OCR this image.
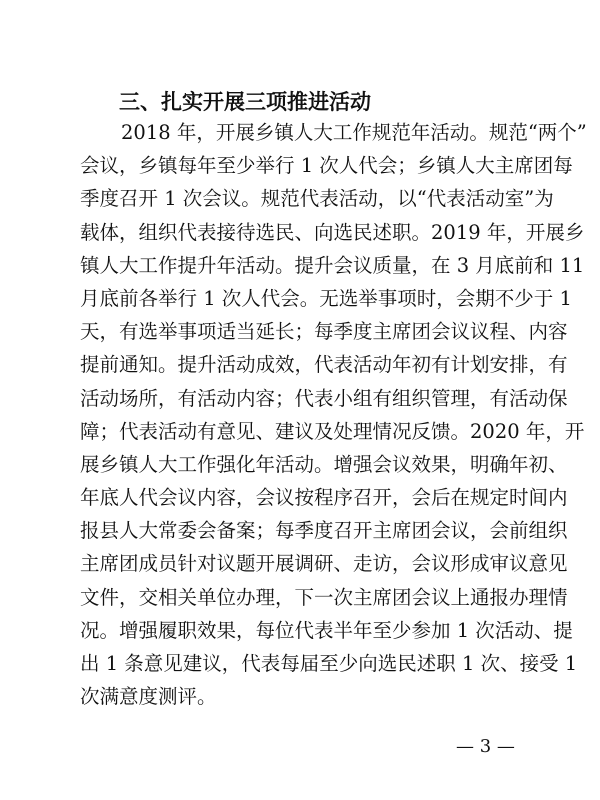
三、扎实开展三项推进活动
2018 年，开展乡镇人大工作规范年活动。规范“两个”
会议，乡镇每年至少举行 1 次人代会；乡镇人大主席团每
季度召开 1 次会议。规范代表活动，以“代表活动室”为
载体，组织代表接待选民、向选民述职。2019 年，开展乡
镇人大工作提升年活动。提升会议质量，在 3 月底前和 11
月底前各举行 1 次人代会。无选举事项时，会期不少于 1
天，有选举事项适当延长；每季度主席团会议议程、内容
提前通知。提升活动成效，代表活动年初有计划安排，有
活动场所，有活动内容；代表小组有组织管理，有活动保
障；代表活动有意见、建议及处理情况反馈。2020 年，开
展乡镇人大工作强化年活动。增强会议效果，明确年初、
年底人代会议内容，会议按程序召开，会后在规定时间内
报县人大常委会备案；每季度召开主席团会议，会前组织
主席团成员针对议题开展调研、走访，会议形成审议意见
文件，交相关单位办理，下一次主席团会议上通报办理情
况。增强履职效果，每位代表半年至少参加 1 次活动、提
出 1 条意见建议，代表每届至少向选民述职 1 次、接受 1
次满意度测评。
— 3 —
